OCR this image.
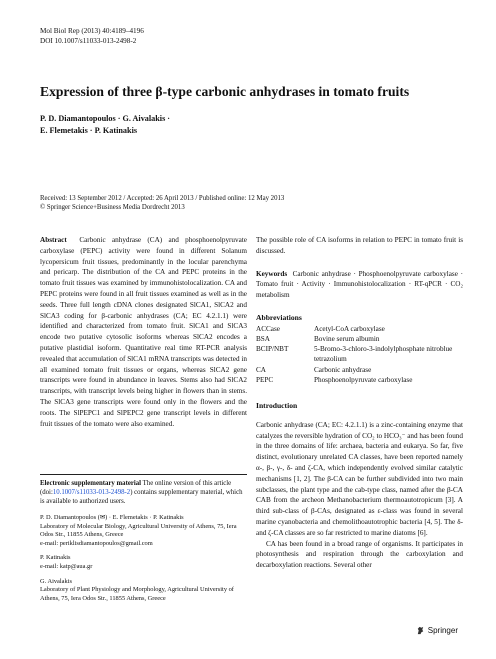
Mol Biol Rep (2013) 40:4189–4196
DOI 10.1007/s11033-013-2498-2
Expression of three β-type carbonic anhydrases in tomato fruits
P. D. Diamantopoulos · G. Aivalakis ·
E. Flemetakis · P. Katinakis
Received: 13 September 2012 / Accepted: 26 April 2013 / Published online: 12 May 2013
© Springer Science+Business Media Dordrecht 2013

Abstract Carbonic anhydrase (CA) and phosphoenolpyruvate carboxylase (PEPC) activity were found in different Solanum lycopersicum fruit tissues, predominantly in the locular parenchyma and pericarp. The distribution of the CA and PEPC proteins in the tomato fruit tissues was examined by immunohistolocalization. CA and PEPC proteins were found in all fruit tissues examined as well as in the seeds. Three full length cDNA clones designated SlCA1, SlCA2 and SlCA3 coding for β-carbonic anhydrases (CA; EC 4.2.1.1) were identified and characterized from tomato fruit. SlCA1 and SlCA3 encode two putative cytosolic isoforms whereas SlCA2 encodes a putative plastidial isoform. Quantitative real time RT-PCR analysis revealed that accumulation of SlCA1 mRNA transcripts was detected in all examined tomato fruit tissues or organs, whereas SlCA2 gene transcripts were found in abundance in leaves. Stems also had SlCA2 transcripts, with transcript levels being higher in flowers than in stems. The SlCA3 gene transcripts were found only in the flowers and the roots. The SlPEPC1 and SlPEPC2 gene transcript levels in different fruit tissues of the tomato were also examined.

Electronic supplementary material The online version of this article (doi:10.1007/s11033-013-2498-2) contains supplementary material, which is available to authorized users.
P. D. Diamantopoulos (✉) · E. Flemetakis · P. Katinakis
Laboratory of Molecular Biology, Agricultural University of Athens, 75, Iera Odos Str., 11855 Athens, Greece
e-mail: periklisdiamantopoulos@gmail.com
P. Katinakis
e-mail: katp@aua.gr
G. Aivalakis
Laboratory of Plant Physiology and Morphology, Agricultural University of Athens, 75, Iera Odos Str., 11855 Athens, Greece

The possible role of CA isoforms in relation to PEPC in tomato fruit is discussed.

Keywords Carbonic anhydrase · Phosphoenolpyruvate carboxylase · Tomato fruit · Activity · Immunohistolocalization · RT-qPCR · CO₂ metabolism

Abbreviations
ACCase	Acetyl-CoA carboxylase
BSA	Bovine serum albumin
BCIP/NBT	5-Bromo-3-chloro-3-indolylphosphate nitroblue tetrazolium
CA	Carbonic anhydrase
PEPC	Phosphoenolpyruvate carboxylase
Introduction

Carbonic anhydrase (CA; EC: 4.2.1.1) is a zinc-containing enzyme that catalyzes the reversible hydration of CO₂ to HCO₃⁻ and has been found in the three domains of life: archaea, bacteria and eukarya. So far, five distinct, evolutionary unrelated CA classes, have been reported namely α-, β-, γ-, δ- and ζ-CA, which independently evolved similar catalytic mechanisms [1, 2]. The β-CA can be further subdivided into two main subclasses, the plant type and the cab-type class, named after the β-CA CAB from the archeon Methanobacterium thermoautotropicum [3]. A third sub-class of β-CAs, designated as ε-class was found in several marine cyanobacteria and chemolithoautotrophic bacteria [4, 5]. The δ- and ζ-CA classes are so far restricted to marine diatoms [6].

CA has been found in a broad range of organisms. It participates in photosynthesis and respiration through the carboxylation and decarboxylation reactions. Several other

Springer
